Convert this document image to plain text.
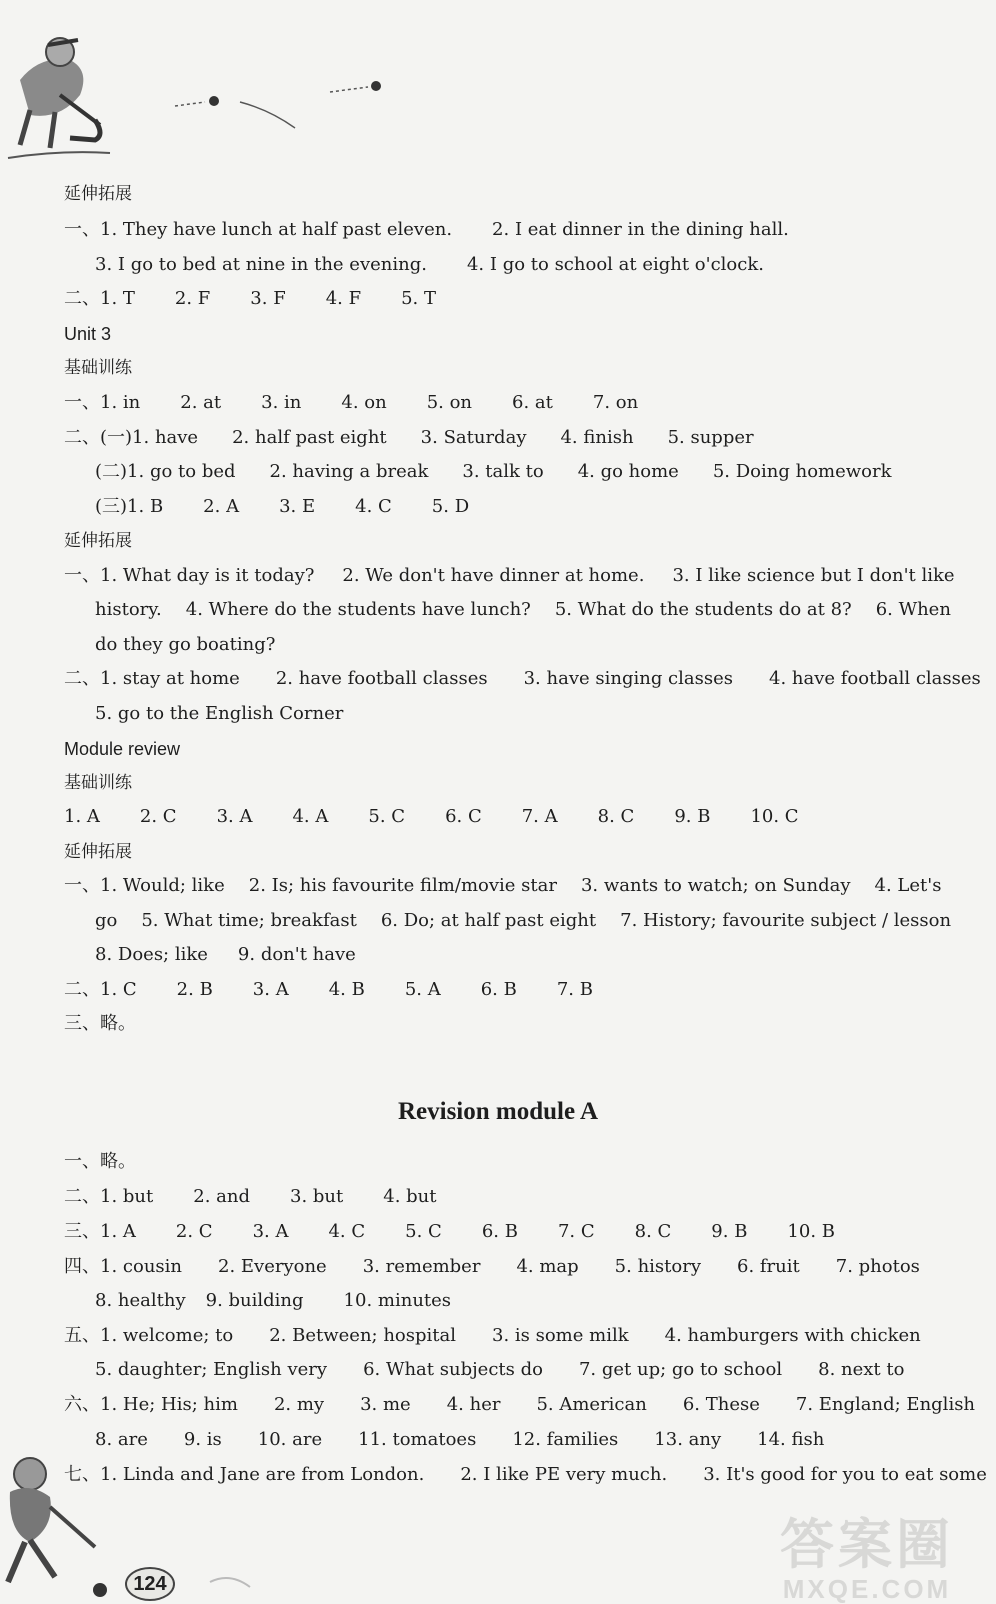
124
答案圈
MXQE.COM
延伸拓展
一、1. They have lunch at half past eleven. 2. I eat dinner in the dining hall.
3. I go to bed at nine in the evening. 4. I go to school at eight o'clock.
二、1. T 2. F 3. F 4. F 5. T
Unit 3
基础训练
一、1. in 2. at 3. in 4. on 5. on 6. at 7. on
二、(一)1. have 2. half past eight 3. Saturday 4. finish 5. supper
(二)1. go to bed 2. having a break 3. talk to 4. go home 5. Doing homework
(三)1. B 2. A 3. E 4. C 5. D
延伸拓展
一、1. What day is it today? 2. We don't have dinner at home. 3. I like science but I don't like
history. 4. Where do the students have lunch? 5. What do the students do at 8? 6. When
do they go boating?
二、1. stay at home 2. have football classes 3. have singing classes 4. have football classes
5. go to the English Corner
Module review
基础训练
1. A 2. C 3. A 4. A 5. C 6. C 7. A 8. C 9. B 10. C
延伸拓展
一、1. Would; like 2. Is; his favourite film/movie star 3. wants to watch; on Sunday 4. Let's
go 5. What time; breakfast 6. Do; at half past eight 7. History; favourite subject / lesson
8. Does; like 9. don't have
二、1. C 2. B 3. A 4. B 5. A 6. B 7. B
三、略。
Revision module A
一、略。
二、1. but 2. and 3. but 4. but
三、1. A 2. C 3. A 4. C 5. C 6. B 7. C 8. C 9. B 10. B
四、1. cousin 2. Everyone 3. remember 4. map 5. history 6. fruit 7. photos
8. healthy 9. building 10. minutes
五、1. welcome; to 2. Between; hospital 3. is some milk 4. hamburgers with chicken
5. daughter; English very 6. What subjects do 7. get up; go to school 8. next to
六、1. He; His; him 2. my 3. me 4. her 5. American 6. These 7. England; English
8. are 9. is 10. are 11. tomatoes 12. families 13. any 14. fish
七、1. Linda and Jane are from London. 2. I like PE very much. 3. It's good for you to eat some
